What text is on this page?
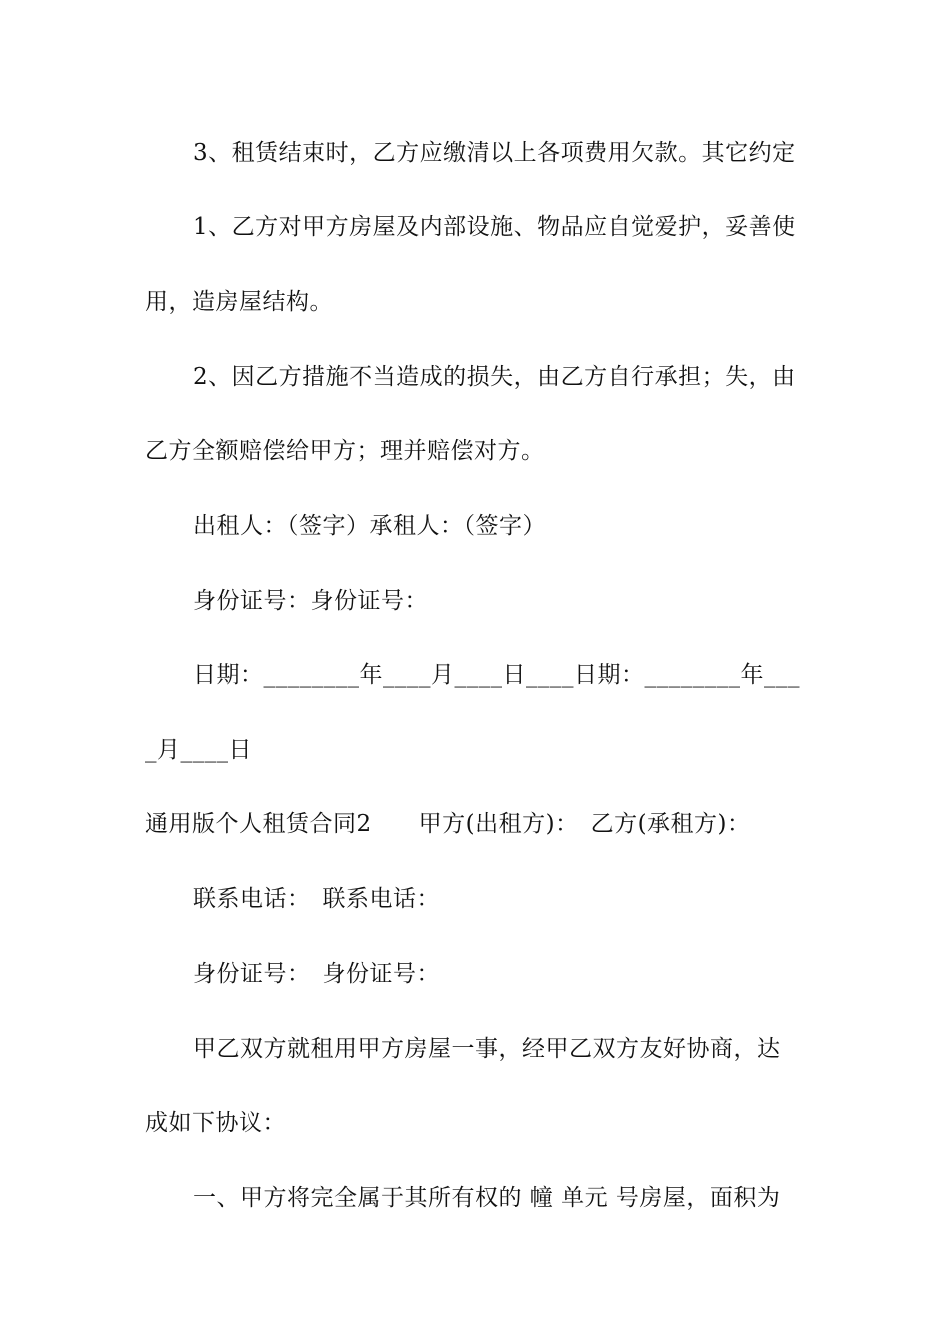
3、租赁结束时，乙方应缴清以上各项费用欠款。其它约定
1、乙方对甲方房屋及内部设施、物品应自觉爱护，妥善使
用，造房屋结构。
2、因乙方措施不当造成的损失，由乙方自行承担；失，由
乙方全额赔偿给甲方；理并赔偿对方。
出租人：（签字）承租人：（签字）
身份证号：身份证号：
日期：________年____月____日____日期：________年___
_月____日
通用版个人租赁合同2　　甲方(出租方)：　乙方(承租方)：
联系电话：　联系电话：
身份证号：　身份证号：
甲乙双方就租用甲方房屋一事，经甲乙双方友好协商，达
成如下协议：
一、甲方将完全属于其所有权的 幢 单元 号房屋，面积为
